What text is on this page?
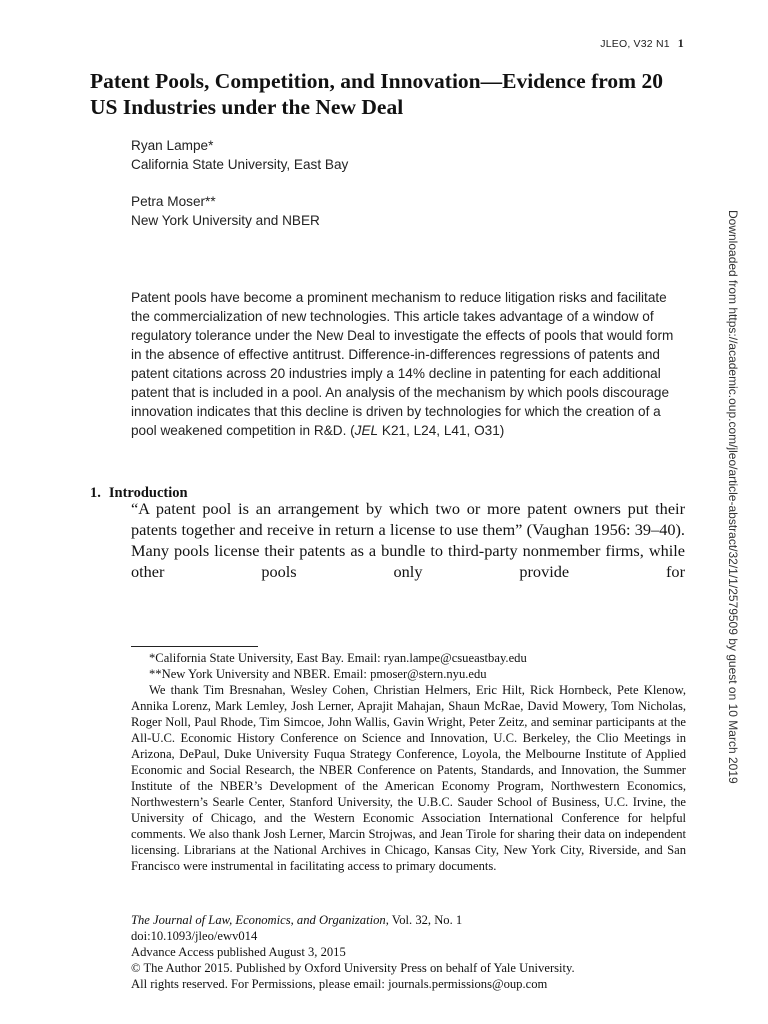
JLEO, V32 N1 1
Patent Pools, Competition, and Innovation—Evidence from 20 US Industries under the New Deal
Ryan Lampe*
California State University, East Bay
Petra Moser**
New York University and NBER

Patent pools have become a prominent mechanism to reduce litigation risks and facilitate the commercialization of new technologies. This article takes advantage of a window of regulatory tolerance under the New Deal to investigate the effects of pools that would form in the absence of effective antitrust. Difference-in-differences regressions of patents and patent citations across 20 industries imply a 14% decline in patenting for each additional patent that is included in a pool. An analysis of the mechanism by which pools discourage innovation indicates that this decline is driven by technologies for which the creation of a pool weakened competition in R&D. (JEL K21, L24, L41, O31)

1. Introduction

“A patent pool is an arrangement by which two or more patent owners put their patents together and receive in return a license to use them” (Vaughan 1956: 39–40). Many pools license their patents as a bundle to third-party nonmember firms, while other pools only provide for

*California State University, East Bay. Email: ryan.lampe@csueastbay.edu

**New York University and NBER. Email: pmoser@stern.nyu.edu

We thank Tim Bresnahan, Wesley Cohen, Christian Helmers, Eric Hilt, Rick Hornbeck, Pete Klenow, Annika Lorenz, Mark Lemley, Josh Lerner, Aprajit Mahajan, Shaun McRae, David Mowery, Tom Nicholas, Roger Noll, Paul Rhode, Tim Simcoe, John Wallis, Gavin Wright, Peter Zeitz, and seminar participants at the All-U.C. Economic History Conference on Science and Innovation, U.C. Berkeley, the Clio Meetings in Arizona, DePaul, Duke University Fuqua Strategy Conference, Loyola, the Melbourne Institute of Applied Economic and Social Research, the NBER Conference on Patents, Standards, and Innovation, the Summer Institute of the NBER’s Development of the American Economy Program, Northwestern Economics, Northwestern’s Searle Center, Stanford University, the U.B.C. Sauder School of Business, U.C. Irvine, the University of Chicago, and the Western Economic Association International Conference for helpful comments. We also thank Josh Lerner, Marcin Strojwas, and Jean Tirole for sharing their data on independent licensing. Librarians at the National Archives in Chicago, Kansas City, New York City, Riverside, and San Francisco were instrumental in facilitating access to primary documents.

The Journal of Law, Economics, and Organization, Vol. 32, No. 1
doi:10.1093/jleo/ewv014
Advance Access published August 3, 2015
© The Author 2015. Published by Oxford University Press on behalf of Yale University.
All rights reserved. For Permissions, please email: journals.permissions@oup.com
Downloaded from https://academic.oup.com/jleo/article-abstract/32/1/1/2579509 by guest on 10 March 2019
